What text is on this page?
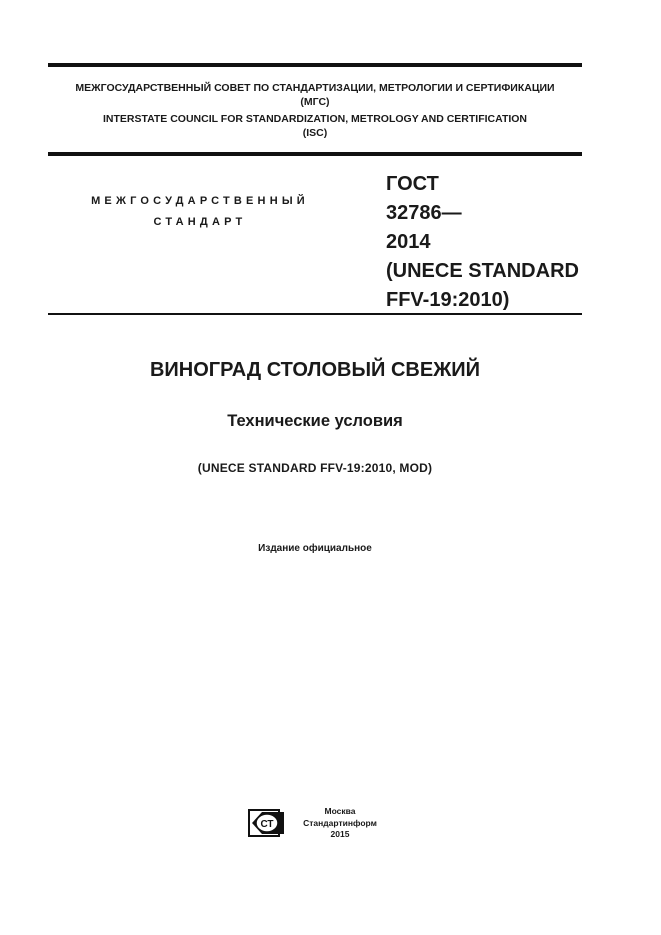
МЕЖГОСУДАРСТВЕННЫЙ СОВЕТ ПО СТАНДАРТИЗАЦИИ, МЕТРОЛОГИИ И СЕРТИФИКАЦИИ
(МГС)
INTERSTATE COUNCIL FOR STANDARDIZATION, METROLOGY AND CERTIFICATION
(ISC)
МЕЖГОСУДАРСТВЕННЫЙ
СТАНДАРТ
ГОСТ
32786—
2014
(UNECE STANDARD
FFV-19:2010)
ВИНОГРАД СТОЛОВЫЙ СВЕЖИЙ
Технические условия
(UNECE STANDARD FFV-19:2010, MOD)
Издание официальное
СТ
Москва
Стандартинформ
2015
